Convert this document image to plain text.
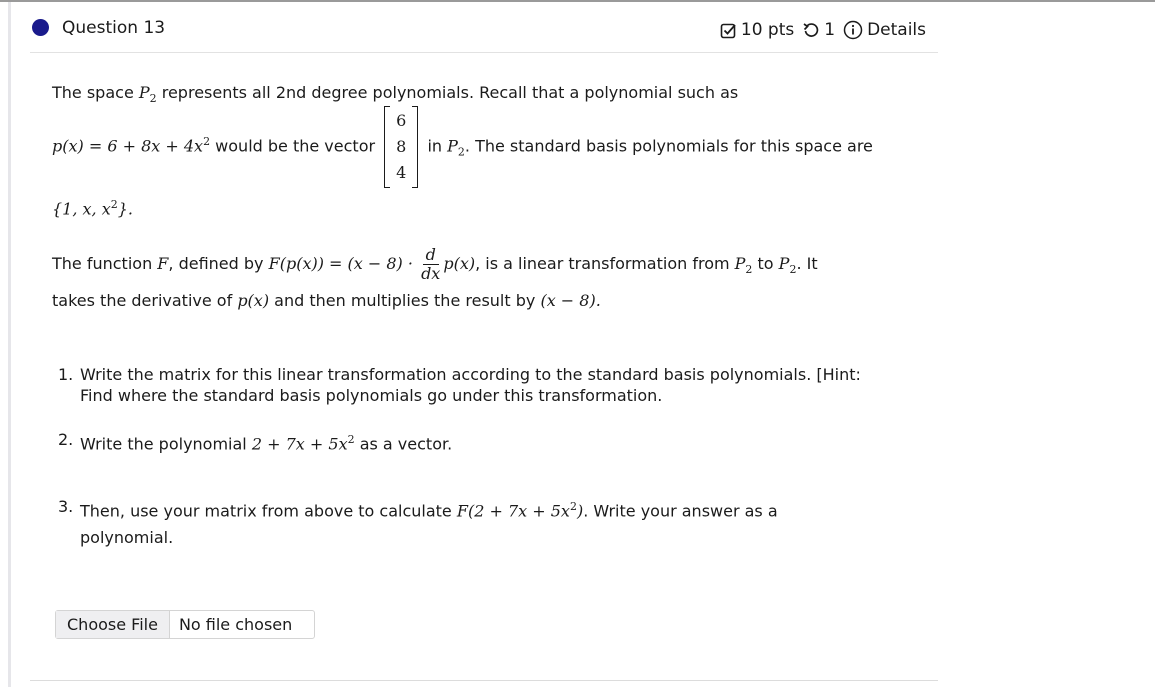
Question 13	10 pts 1 Details
The space $P_2$ represents all 2nd degree polynomials. Recall that a polynomial such as
$p(x) = 6 + 8x + 4x^2$ would be the vector
6
8
4
in $P_2$. The standard basis polynomials for this space are
{1, x, $x^2$}.
The function F, defined by $F(p(x)) = (x - 8) \cdot \frac{d}{dx} p(x)$, is a linear transformation from $P_2$ to $P_2$. It
takes the derivative of p(x) and then multiplies the result by (x − 8).
1. Write the matrix for this linear transformation according to the standard basis polynomials. [Hint:
Find where the standard basis polynomials go under this transformation.
2. Write the polynomial $2 + 7x + 5x^2$ as a vector.
3. Then, use your matrix from above to calculate $F(2 + 7x + 5x^2)$. Write your answer as a
polynomial.
Choose File	No file chosen
